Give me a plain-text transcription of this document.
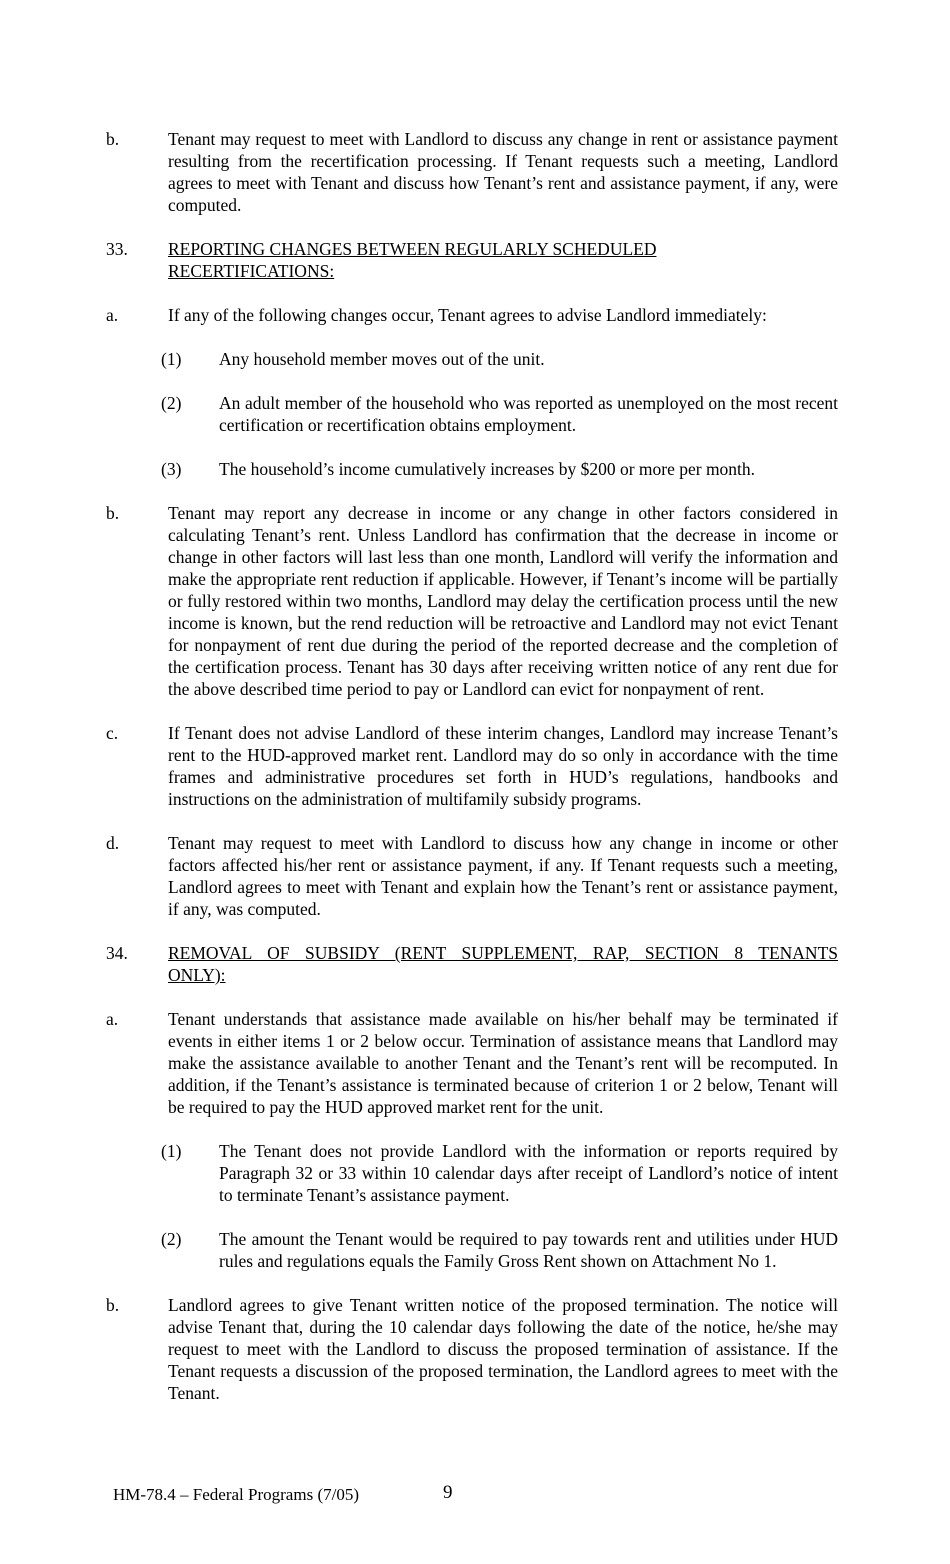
b.	Tenant may request to meet with Landlord to discuss any change in rent or assistance payment resulting from the recertification processing. If Tenant requests such a meeting, Landlord agrees to meet with Tenant and discuss how Tenant’s rent and assistance payment, if any, were computed.
33.	REPORTING CHANGES BETWEEN REGULARLY SCHEDULED
RECERTIFICATIONS:
a.	If any of the following changes occur, Tenant agrees to advise Landlord immediately:
(1)	Any household member moves out of the unit.
(2)	An adult member of the household who was reported as unemployed on the most recent certification or recertification obtains employment.
(3)	The household’s income cumulatively increases by $200 or more per month.
b.	Tenant may report any decrease in income or any change in other factors considered in calculating Tenant’s rent. Unless Landlord has confirmation that the decrease in income or change in other factors will last less than one month, Landlord will verify the information and make the appropriate rent reduction if applicable. However, if Tenant’s income will be partially or fully restored within two months, Landlord may delay the certification process until the new income is known, but the rend reduction will be retroactive and Landlord may not evict Tenant for nonpayment of rent due during the period of the reported decrease and the completion of the certification process. Tenant has 30 days after receiving written notice of any rent due for the above described time period to pay or Landlord can evict for nonpayment of rent.
c.	If Tenant does not advise Landlord of these interim changes, Landlord may increase Tenant’s rent to the HUD-approved market rent. Landlord may do so only in accordance with the time frames and administrative procedures set forth in HUD’s regulations, handbooks and instructions on the administration of multifamily subsidy programs.
d.	Tenant may request to meet with Landlord to discuss how any change in income or other factors affected his/her rent or assistance payment, if any. If Tenant requests such a meeting, Landlord agrees to meet with Tenant and explain how the Tenant’s rent or assistance payment, if any, was computed.
34.	REMOVAL OF SUBSIDY (RENT SUPPLEMENT, RAP, SECTION 8 TENANTS
ONLY):
a.	Tenant understands that assistance made available on his/her behalf may be terminated if events in either items 1 or 2 below occur. Termination of assistance means that Landlord may make the assistance available to another Tenant and the Tenant’s rent will be recomputed. In addition, if the Tenant’s assistance is terminated because of criterion 1 or 2 below, Tenant will be required to pay the HUD approved market rent for the unit.
(1)	The Tenant does not provide Landlord with the information or reports required by Paragraph 32 or 33 within 10 calendar days after receipt of Landlord’s notice of intent to terminate Tenant’s assistance payment.
(2)	The amount the Tenant would be required to pay towards rent and utilities under HUD rules and regulations equals the Family Gross Rent shown on Attachment No 1.
b.	Landlord agrees to give Tenant written notice of the proposed termination. The notice will advise Tenant that, during the 10 calendar days following the date of the notice, he/she may request to meet with the Landlord to discuss the proposed termination of assistance. If the Tenant requests a discussion of the proposed termination, the Landlord agrees to meet with the Tenant.
HM-78.4 – Federal Programs (7/05)	9
